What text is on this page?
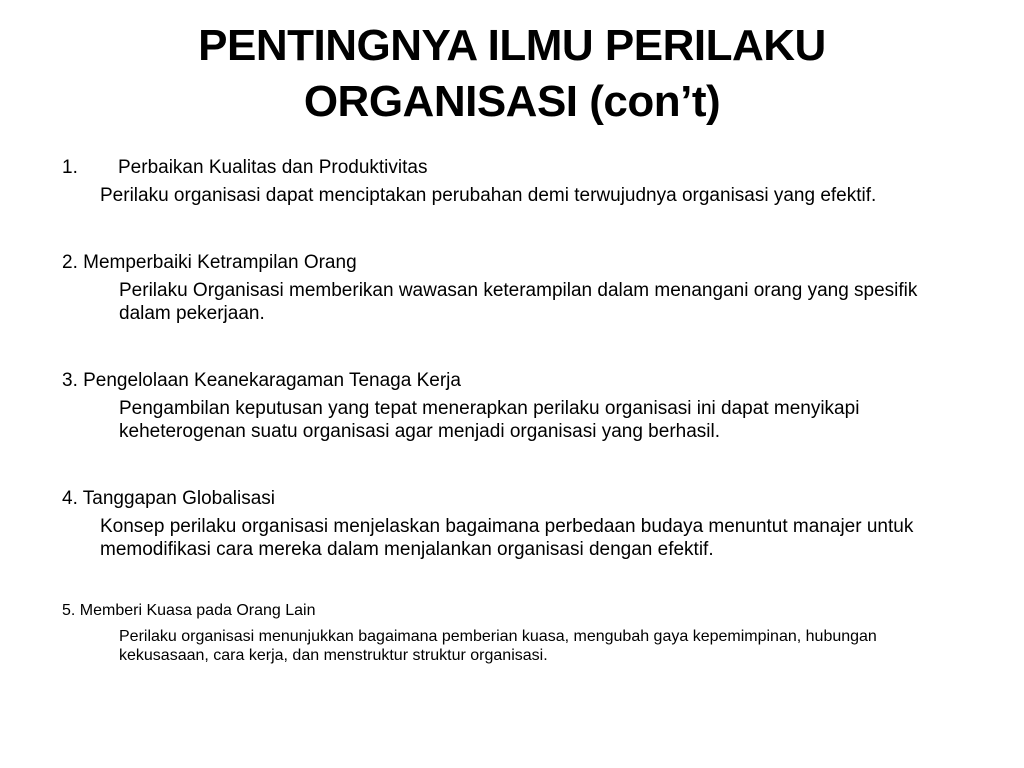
PENTINGNYA ILMU PERILAKU
ORGANISASI (con’t)
1. Perbaikan Kualitas dan Produktivitas
Perilaku organisasi dapat menciptakan perubahan demi terwujudnya organisasi yang efektif.
2. Memperbaiki Ketrampilan Orang
Perilaku Organisasi memberikan wawasan keterampilan dalam menangani orang yang spesifik dalam pekerjaan.
3. Pengelolaan Keanekaragaman Tenaga Kerja
Pengambilan keputusan yang tepat menerapkan perilaku organisasi ini dapat menyikapi keheterogenan suatu organisasi agar menjadi organisasi yang berhasil.
4. Tanggapan Globalisasi
Konsep perilaku organisasi menjelaskan bagaimana perbedaan budaya menuntut manajer untuk memodifikasi cara mereka dalam menjalankan organisasi dengan efektif.
5. Memberi Kuasa pada Orang Lain
Perilaku organisasi menunjukkan bagaimana pemberian kuasa, mengubah gaya kepemimpinan, hubungan kekusasaan, cara kerja, dan menstruktur struktur organisasi.
